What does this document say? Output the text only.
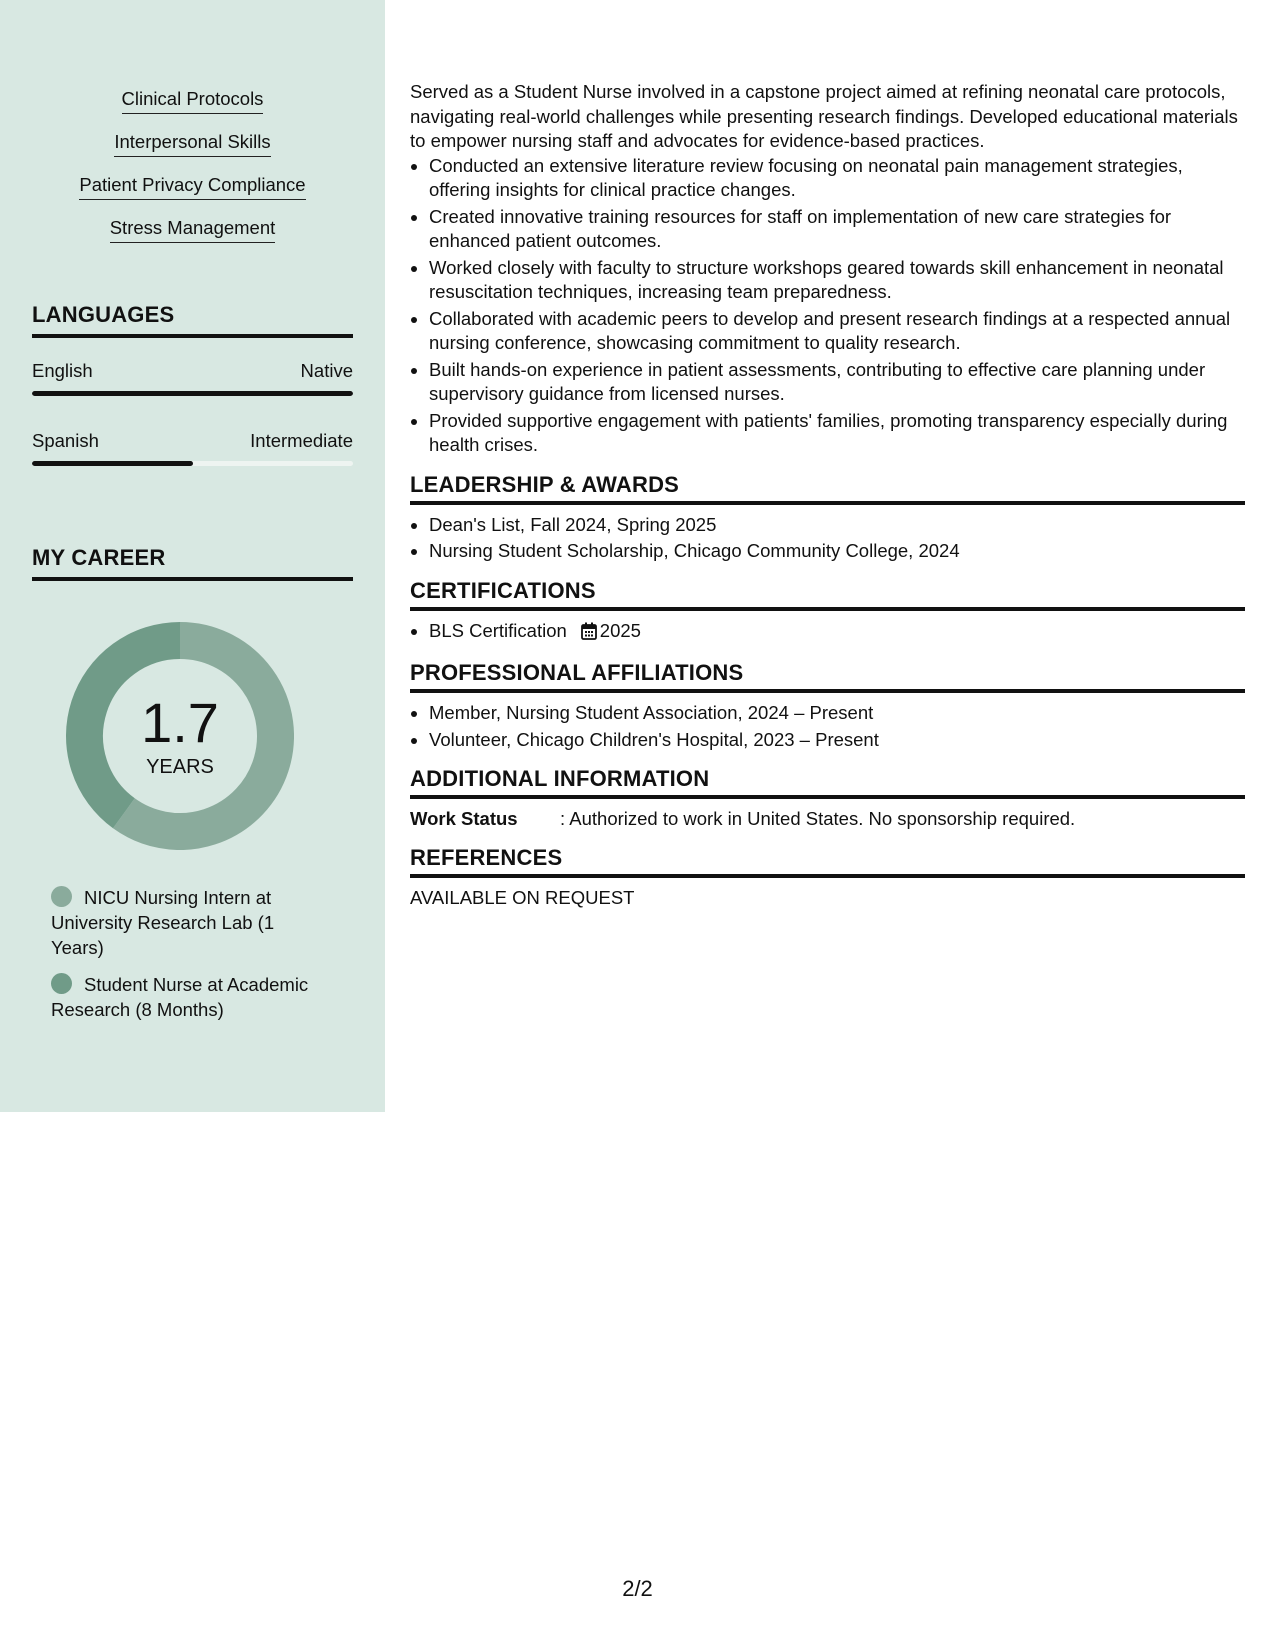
Clinical Protocols
Interpersonal Skills
Patient Privacy Compliance
Stress Management
LANGUAGES
English	Native
Spanish	Intermediate
MY CAREER
1.7
YEARS
NICU Nursing Intern at University Research Lab (1 Years)
Student Nurse at Academic Research (8 Months)

Served as a Student Nurse involved in a capstone project aimed at refining neonatal care protocols, navigating real-world challenges while presenting research findings. Developed educational materials to empower nursing staff and advocates for evidence-based practices.

• Conducted an extensive literature review focusing on neonatal pain management strategies, offering insights for clinical practice changes.
• Created innovative training resources for staff on implementation of new care strategies for enhanced patient outcomes.
• Worked closely with faculty to structure workshops geared towards skill enhancement in neonatal resuscitation techniques, increasing team preparedness.
• Collaborated with academic peers to develop and present research findings at a respected annual nursing conference, showcasing commitment to quality research.
• Built hands-on experience in patient assessments, contributing to effective care planning under supervisory guidance from licensed nurses.
• Provided supportive engagement with patients' families, promoting transparency especially during health crises.
LEADERSHIP & AWARDS
• Dean's List, Fall 2024, Spring 2025
• Nursing Student Scholarship, Chicago Community College, 2024
CERTIFICATIONS
• BLS Certification 2025
PROFESSIONAL AFFILIATIONS
• Member, Nursing Student Association, 2024 – Present
• Volunteer, Chicago Children's Hospital, 2023 – Present
ADDITIONAL INFORMATION
Work Status	: Authorized to work in United States. No sponsorship required.
REFERENCES
AVAILABLE ON REQUEST
2/2
